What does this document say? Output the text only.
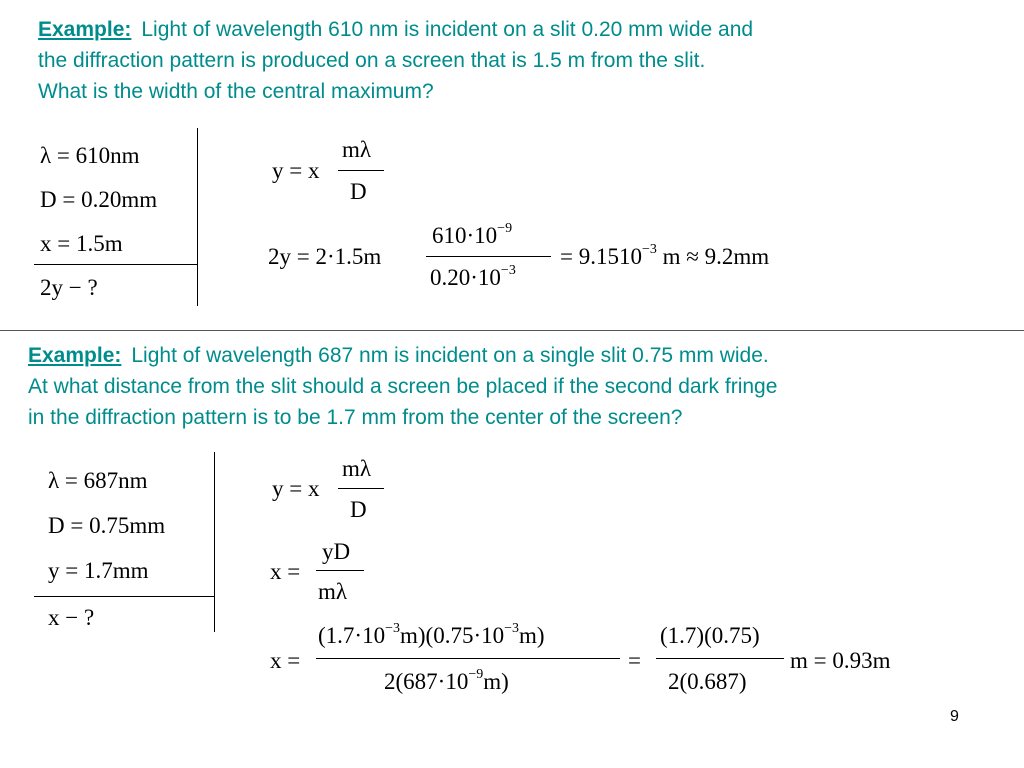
Example: Light of wavelength 610 nm is incident on a slit 0.20 mm wide and
the diffraction pattern is produced on a screen that is 1.5 m from the slit.
What is the width of the central maximum?
λ = 610nm
D = 0.20mm
x = 1.5m
2y − ?
y = x
mλ
D
2y = 2·1.5m
$610\cdot 10^{-9}$
$0.20\cdot 10^{-3}$
= $9.1510^{-3}$ m ≈ 9.2mm
Example: Light of wavelength 687 nm is incident on a single slit 0.75 mm wide.
At what distance from the slit should a screen be placed if the second dark fringe
in the diffraction pattern is to be 1.7 mm from the center of the screen?
λ = 687nm
D = 0.75mm
y = 1.7mm
x − ?
y = x
mλ
D
x =
yD
mλ
x =
$(1.7\cdot 10^{-3}m)(0.75\cdot 10^{-3}m)$
$2(687\cdot 10^{-9}m)$
=
(1.7)(0.75)
2(0.687)
m = 0.93m
9
